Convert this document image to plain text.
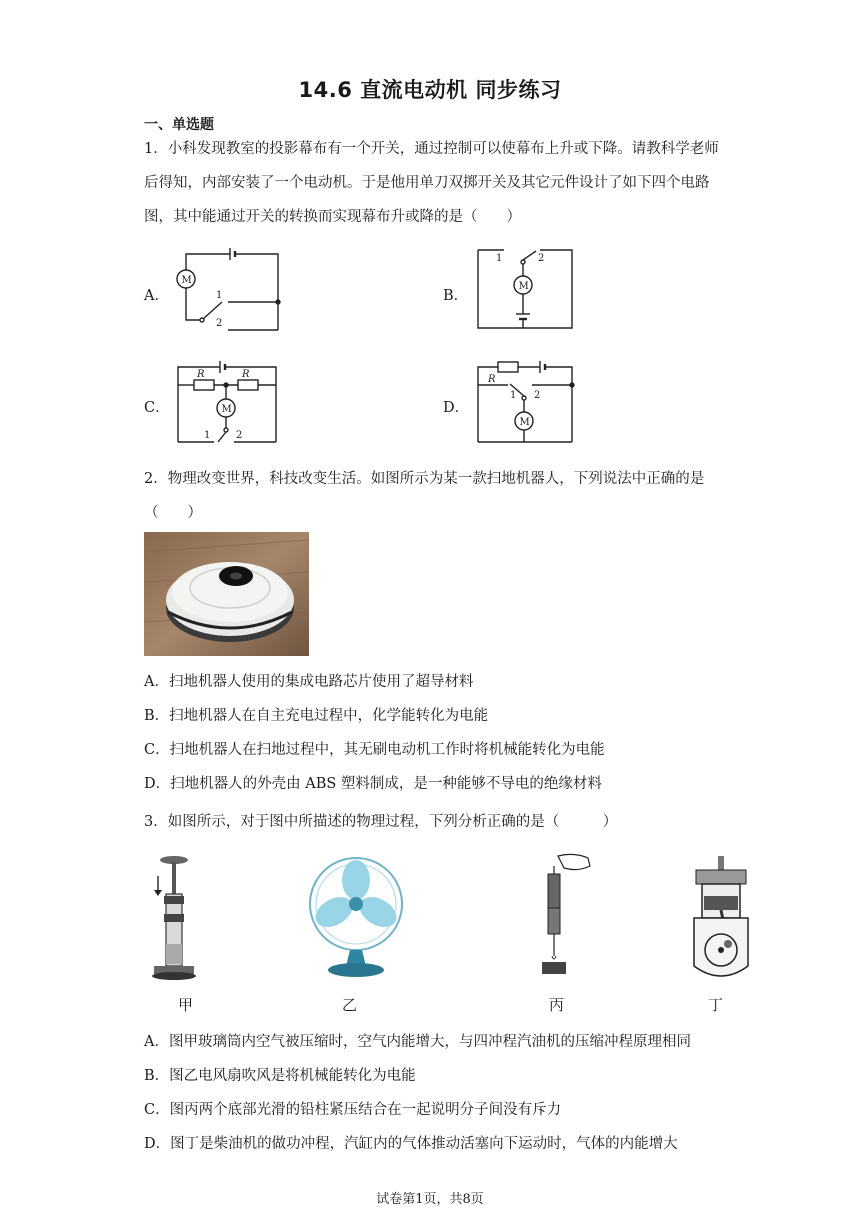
14.6 直流电动机 同步练习
一、单选题
1．小科发现教室的投影幕布有一个开关，通过控制可以使幕布上升或下降。请教科学老师后得知，内部安装了一个电动机。于是他用单刀双掷开关及其它元件设计了如下四个电路图，其中能通过开关的转换而实现幕布升或降的是（　　）
A．
M
1
2
B．
1	2
M
C．
R	R
M
1	2
D．
R
1 2
M
2．物理改变世界，科技改变生活。如图所示为某一款扫地机器人，下列说法中正确的是（　　）
A．扫地机器人使用的集成电路芯片使用了超导材料
B．扫地机器人在自主充电过程中，化学能转化为电能
C．扫地机器人在扫地过程中，其无刷电动机工作时将机械能转化为电能
D．扫地机器人的外壳由 ABS 塑料制成，是一种能够不导电的绝缘材料
3．如图所示，对于图中所描述的物理过程，下列分析正确的是（　　　）
甲	乙	丙	丁
A．图甲玻璃筒内空气被压缩时，空气内能增大，与四冲程汽油机的压缩冲程原理相同
B．图乙电风扇吹风是将机械能转化为电能
C．图丙两个底部光滑的铅柱紧压结合在一起说明分子间没有斥力
D．图丁是柴油机的做功冲程，汽缸内的气体推动活塞向下运动时，气体的内能增大
试卷第1页，共8页
